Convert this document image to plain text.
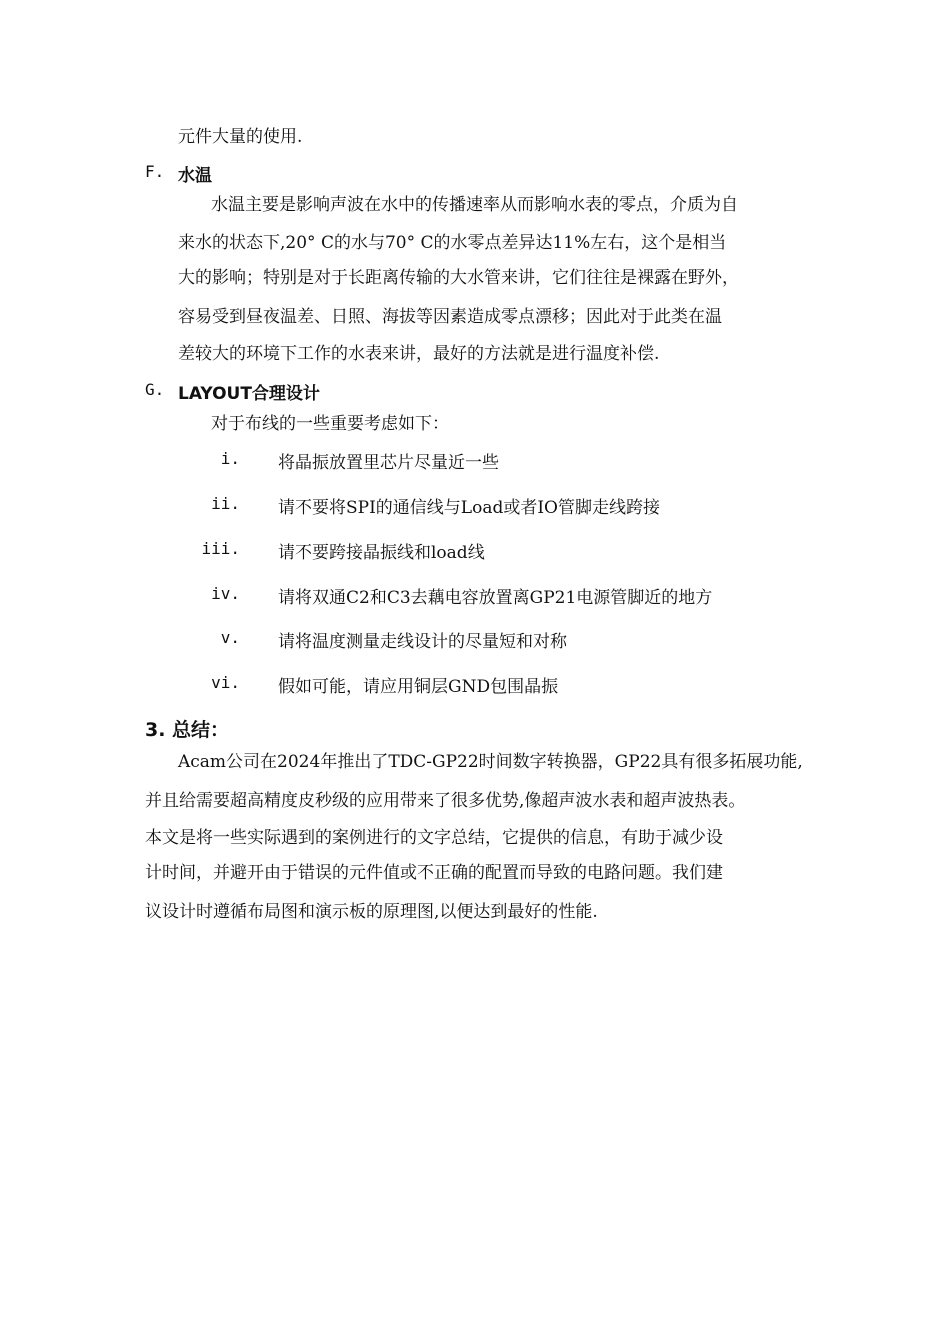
元件大量的使用.
F. 水温
水温主要是影响声波在水中的传播速率从而影响水表的零点，介质为自
来水的状态下,20° C的水与70° C的水零点差异达11%左右，这个是相当
大的影响；特别是对于长距离传输的大水管来讲，它们往往是裸露在野外，
容易受到昼夜温差、日照、海拔等因素造成零点漂移；因此对于此类在温
差较大的环境下工作的水表来讲，最好的方法就是进行温度补偿.
G. LAYOUT合理设计
对于布线的一些重要考虑如下：
i. 将晶振放置里芯片尽量近一些
ii. 请不要将SPI的通信线与Load或者IO管脚走线跨接
iii. 请不要跨接晶振线和load线
iv. 请将双通C2和C3去藕电容放置离GP21电源管脚近的地方
v. 请将温度测量走线设计的尽量短和对称
vi. 假如可能，请应用铜层GND包围晶振
3. 总结：
Acam公司在2024年推出了TDC-GP22时间数字转换器，GP22具有很多拓展功能,
并且给需要超高精度皮秒级的应用带来了很多优势,像超声波水表和超声波热表。
本文是将一些实际遇到的案例进行的文字总结，它提供的信息，有助于减少设
计时间，并避开由于错误的元件值或不正确的配置而导致的电路问题。我们建
议设计时遵循布局图和演示板的原理图,以便达到最好的性能.
